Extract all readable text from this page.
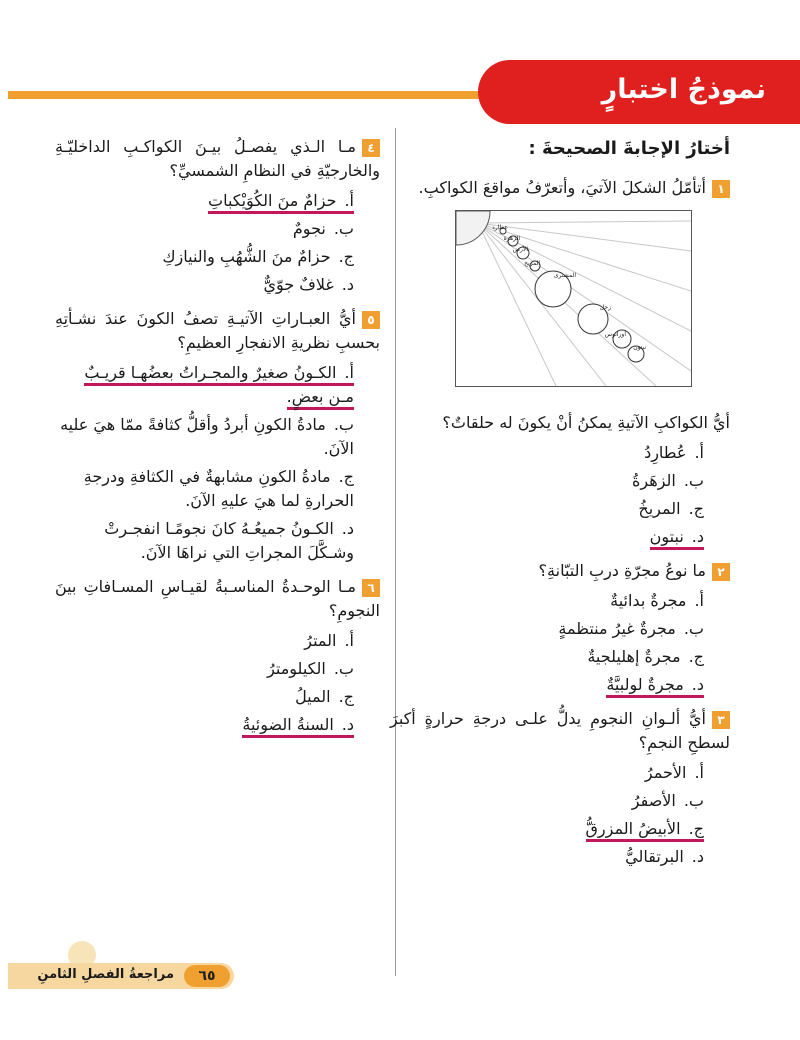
نموذجُ اختبارٍ
أختارُ الإجابةَ الصحيحةَ :

١أتأمّلُ الشكلَ الآتيَ، وأتعرّفُ مواقعَ الكواكبِ.

عطارد
الزهرة
الأرض
المريخ
المشترى
زحل
أورانوس
نبتون

أيُّ الكواكبِ الآتيةِ يمكنُ أنْ يكونَ له حلقاتٌ؟

أ.عُطارِدُ
ب.الزهَرةُ
ج.المريخُ
د.نبتون

٢ما نوعُ مجرّةِ دربِ التبّانةِ؟

أ.مجرةٌ بدائيةٌ
ب.مجرةٌ غيرُ منتظمةٍ
ج.مجرةٌ إهليلجيةٌ
د.مجرةٌ لولبيَّةٌ

٣أيُّ ألـوانِ النجومِ يدلُّ علـى درجةِ حرارةٍ أكبرَ لسطحِ النجمِ؟

أ.الأحمرُ
ب.الأصفرُ
ج.الأبيضُ المزرقُّ
د.البرتقاليُّ

٤مـا الـذي يفصـلُ بيـنَ الكواكـبِ الداخليّـةِ والخارجيّةِ في النظامِ الشمسيِّ؟

أ.حزامٌ منَ الكُوَيْكباتِ
ب.نجومٌ
ج.حزامٌ منَ الشُّهُبِ والنيازكِ
د.غلافٌ جوّيٌّ

٥أيُّ العبـاراتِ الآتيـةِ تصفُ الكونَ عندَ نشـأتِهِ بحسبِ نظريةِ الانفجارِ العظيمِ؟

أ.الكـونُ صغيرٌ والمجـراتُ بعضُهـا قريـبٌ مـن بعضٍ.
ب.مادةُ الكونِ أبردُ وأقلُّ كثافةً ممّا هيَ عليه الآنَ.
ج.مادةُ الكونِ مشابهةٌ في الكثافةِ ودرجةِ الحرارةِ لما هيَ عليهِ الآنَ.
د.الكـونُ جميعُـهُ كانَ نجومًـا انفجـرتْ وشـكَّلَ المجراتِ التي نراهَا الآنَ.

٦مـا الوحـدةُ المناسـبةُ لقيـاسِ المسـافاتِ بينَ النجومِ؟

أ.المترُ
ب.الكيلومترُ
ج.الميلُ
د.السنةُ الضوئيةُ
٦٥
مراجعةُ الفصلِ الثامنِ
